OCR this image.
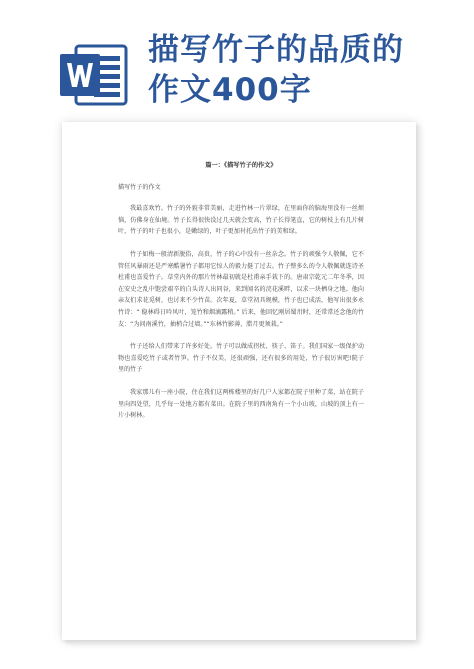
描写竹子的品质的
作文400字
篇一：《描写竹子的作文》
描写竹子的作文

我最喜欢竹。竹子的外貌非常美丽，走进竹林一片翠绿，在里面你的脑海里没有一丝烦恼，仿佛身在仙境。竹子长得很快没过几天就会变高，竹子长得笔直，它的树枝上有几片树叶，竹子的叶子也很小，是嫩绿的，叶子更加衬托出竹子的美和绿。

竹子如梅一般清新脱俗，高贵，竹子的心中没有一丝杂念。竹子的顽强令人敬佩，它不管狂风暴雨还是严寒酷暑竹子都用它惊人的毅力挺了过去。竹子整多么的令人敬佩就连诗圣杜甫也喜爱竹子。草堂内外的那片竹林最初就是杜甫亲手栽下的。唐肃宗乾元二年冬季，因在安史之乱中饱尝艰辛的白头诗人出同谷，来到闻名的浣花溪畔，以求一块栖身之地。他向亲友们求花觅树，也讨来不少竹苗。次年夏，草堂初具规模，竹子也已成活，他写出很多永竹诗：“ 稳林碍日吟风叶，笼竹和烟滴露稍。” 后来，他回忆刚居蜀卅时，还常常还念他的竹友：“为问南溪竹，抽梢合过墙。”“东林竹影薄，腊月更须栽。”

竹子还给人们带来了许多好处。竹子可以做成拐杖、筷子、笛子。我们国家一级保护动物也喜爱吃竹子或者竹笋。竹子不仅美，还很顽强，还有很多的用处，竹子很厉害吧!院子里的竹子

我家那儿有一座小院，住在我们这两栋楼里的好几户人家都在院子里种了菜，站在院子里向四处望，几乎每一处地方都有菜田。在院子里的西南角有一个小山坡，山坡的顶上有一片小树林。
